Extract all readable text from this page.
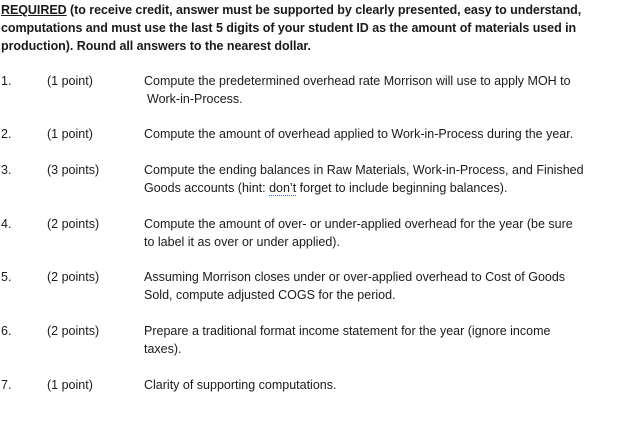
REQUIRED (to receive credit, answer must be supported by clearly presented, easy to understand, computations and must use the last 5 digits of your student ID as the amount of materials used in production). Round all answers to the nearest dollar.
1.	(1 point)	Compute the predetermined overhead rate Morrison will use to apply MOH to
Work-in-Process.
2.	(1 point)	Compute the amount of overhead applied to Work-in-Process during the year.
3.	(3 points)	Compute the ending balances in Raw Materials, Work-in-Process, and Finished
Goods accounts (hint: don’t forget to include beginning balances).
4.	(2 points)	Compute the amount of over- or under-applied overhead for the year (be sure
to label it as over or under applied).
5.	(2 points)	Assuming Morrison closes under or over-applied overhead to Cost of Goods
Sold, compute adjusted COGS for the period.
6.	(2 points)	Prepare a traditional format income statement for the year (ignore income
taxes).
7.	(1 point)	Clarity of supporting computations.
